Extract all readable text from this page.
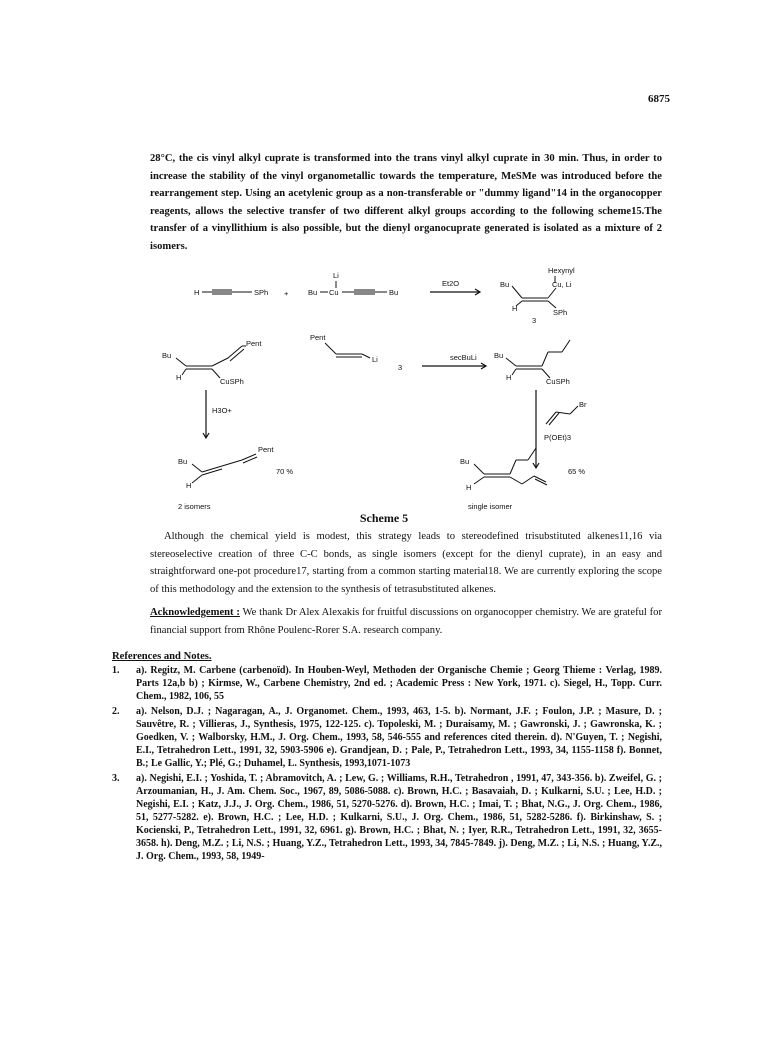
6875

28°C, the cis vinyl alkyl cuprate is transformed into the trans vinyl alkyl cuprate in 30 min. Thus, in order to increase the stability of the vinyl organometallic towards the temperature, MeSMe was introduced before the rearrangement step. Using an acetylenic group as a non-transferable or "dummy ligand"14 in the organocopper reagents, allows the selective transfer of two different alkyl groups according to the following scheme15.The transfer of a vinyllithium is also possible, but the dienyl organocuprate generated is isolated as a mixture of 2 isomers.

H	SPh +
Li
Bu Cu	Bu
Et2O
Hexynyl
Bu	Cu, Li
H	SPh
3
Pent
Bu
H	CuSPh
Pent
Li
3
secBuLi Bu
H	CuSPh
H3O+
Br
P(OEt)3
Pent
Bu
H
70 %
Bu
H
65 %
2 isomers	single isomer
Scheme 5

Although the chemical yield is modest, this strategy leads to stereodefined trisubstituted alkenes11,16 via stereoselective creation of three C-C bonds, as single isomers (except for the dienyl cuprate), in an easy and straightforward one-pot procedure17, starting from a common starting material18. We are currently exploring the scope of this methodology and the extension to the synthesis of tetrasubstituted alkenes.

Acknowledgement : We thank Dr Alex Alexakis for fruitful discussions on organocopper chemistry. We are grateful for financial support from Rhône Poulenc-Rorer S.A. research company.

References and Notes.
1. a). Regitz, M. Carbene (carbenoïd). In Houben-Weyl, Methoden der Organische Chemie ; Georg Thieme : Verlag, 1989. Parts 12a,b b) ; Kirmse, W., Carbene Chemistry, 2nd ed. ; Academic Press : New York, 1971. c). Siegel, H., Topp. Curr. Chem., 1982, 106, 55
2. a). Nelson, D.J. ; Nagaragan, A., J. Organomet. Chem., 1993, 463, 1-5. b). Normant, J.F. ; Foulon, J.P. ; Masure, D. ; Sauvêtre, R. ; Villieras, J., Synthesis, 1975, 122-125. c). Topoleski, M. ; Duraisamy, M. ; Gawronski, J. ; Gawronska, K. ; Goedken, V. ; Walborsky, H.M., J. Org. Chem., 1993, 58, 546-555 and references cited therein. d). N'Guyen, T. ; Negishi, E.I., Tetrahedron Lett., 1991, 32, 5903-5906 e). Grandjean, D. ; Pale, P., Tetrahedron Lett., 1993, 34, 1155-1158 f). Bonnet, B.; Le Gallic, Y.; Plé, G.; Duhamel, L. Synthesis, 1993,1071-1073
3. a). Negishi, E.I. ; Yoshida, T. ; Abramovitch, A. ; Lew, G. ; Williams, R.H., Tetrahedron , 1991, 47, 343-356. b). Zweifel, G. ; Arzoumanian, H., J. Am. Chem. Soc., 1967, 89, 5086-5088. c). Brown, H.C. ; Basavaiah, D. ; Kulkarni, S.U. ; Lee, H.D. ; Negishi, E.I. ; Katz, J.J., J. Org. Chem., 1986, 51, 5270-5276. d). Brown, H.C. ; Imai, T. ; Bhat, N.G., J. Org. Chem., 1986, 51, 5277-5282. e). Brown, H.C. ; Lee, H.D. ; Kulkarni, S.U., J. Org. Chem., 1986, 51, 5282-5286. f). Birkinshaw, S. ; Kocienski, P., Tetrahedron Lett., 1991, 32, 6961. g). Brown, H.C. ; Bhat, N. ; Iyer, R.R., Tetrahedron Lett., 1991, 32, 3655-3658. h). Deng, M.Z. ; Li, N.S. ; Huang, Y.Z., Tetrahedron Lett., 1993, 34, 7845-7849. j). Deng, M.Z. ; Li, N.S. ; Huang, Y.Z., J. Org. Chem., 1993, 58, 1949-
